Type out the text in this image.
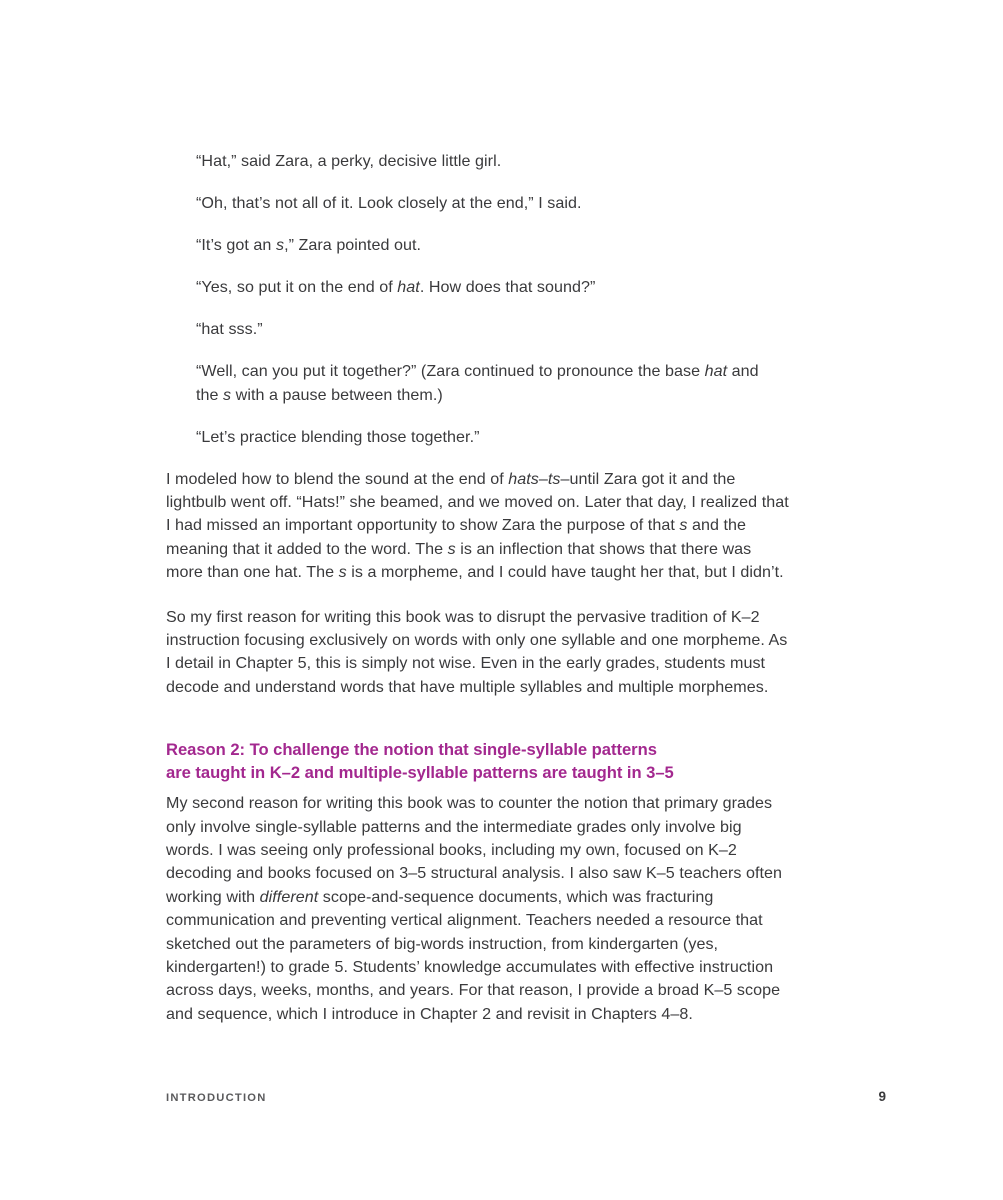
“Hat,” said Zara, a perky, decisive little girl.

“Oh, that’s not all of it. Look closely at the end,” I said.

“It’s got an s,” Zara pointed out.

“Yes, so put it on the end of hat. How does that sound?”

“hat sss.”

“Well, can you put it together?” (Zara continued to pronounce the base hat and the s with a pause between them.)

“Let’s practice blending those together.”

I modeled how to blend the sound at the end of hats–ts–until Zara got it and the lightbulb went off. “Hats!” she beamed, and we moved on. Later that day, I realized that I had missed an important opportunity to show Zara the purpose of that s and the meaning that it added to the word. The s is an inflection that shows that there was more than one hat. The s is a morpheme, and I could have taught her that, but I didn’t.

So my first reason for writing this book was to disrupt the pervasive tradition of K–2 instruction focusing exclusively on words with only one syllable and one morpheme. As I detail in Chapter 5, this is simply not wise. Even in the early grades, students must decode and understand words that have multiple syllables and multiple morphemes.

Reason 2: To challenge the notion that single-syllable patterns
are taught in K–2 and multiple-syllable patterns are taught in 3–5

My second reason for writing this book was to counter the notion that primary grades only involve single-syllable patterns and the intermediate grades only involve big words. I was seeing only professional books, including my own, focused on K–2 decoding and books focused on 3–5 structural analysis. I also saw K–5 teachers often working with different scope-and-sequence documents, which was fracturing communication and preventing vertical alignment. Teachers needed a resource that sketched out the parameters of big-words instruction, from kindergarten (yes, kindergarten!) to grade 5. Students’ knowledge accumulates with effective instruction across days, weeks, months, and years. For that reason, I provide a broad K–5 scope and sequence, which I introduce in Chapter 2 and revisit in Chapters 4–8.

INTRODUCTION	9
